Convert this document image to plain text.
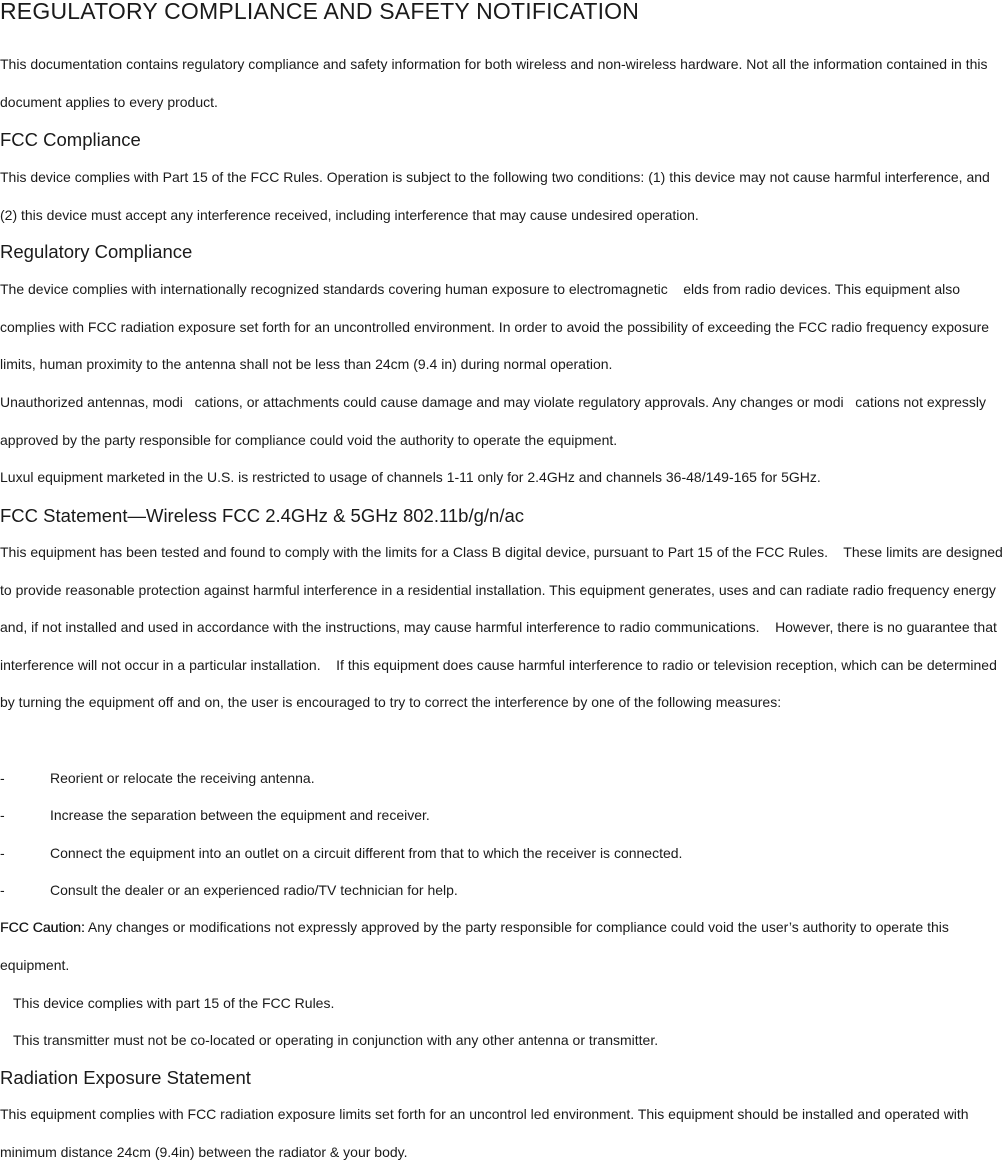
REGULATORY COMPLIANCE AND SAFETY NOTIFICATION

This documentation contains regulatory compliance and safety information for both wireless and non-wireless hardware. Not all the information contained in this document applies to every product.

FCC Compliance

This device complies with Part 15 of the FCC Rules. Operation is subject to the following two conditions: (1) this device may not cause harmful interference, and (2) this device must accept any interference received, including interference that may cause undesired operation.

Regulatory Compliance

The device complies with internationally recognized standards covering human exposure to electromagnetic    elds from radio devices. This equipment also complies with FCC radiation exposure set forth for an uncontrolled environment. In order to avoid the possibility of exceeding the FCC radio frequency exposure limits, human proximity to the antenna shall not be less than 24cm (9.4 in) during normal operation.

Unauthorized antennas, modi   cations, or attachments could cause damage and may violate regulatory approvals. Any changes or modi   cations not expressly approved by the party responsible for compliance could void the authority to operate the equipment.

Luxul equipment marketed in the U.S. is restricted to usage of channels 1-11 only for 2.4GHz and channels 36-48/149-165 for 5GHz.

FCC Statement—Wireless FCC 2.4GHz & 5GHz 802.11b/g/n/ac

This equipment has been tested and found to comply with the limits for a Class B digital device, pursuant to Part 15 of the FCC Rules.    These limits are designed to provide reasonable protection against harmful interference in a residential installation. This equipment generates, uses and can radiate radio frequency energy and, if not installed and used in accordance with the instructions, may cause harmful interference to radio communications.    However, there is no guarantee that interference will not occur in a particular installation.    If this equipment does cause harmful interference to radio or television reception, which can be determined by turning the equipment off and on, the user is encouraged to try to correct the interference by one of the following measures:

-	Reorient or relocate the receiving antenna.
-	Increase the separation between the equipment and receiver.
-	Connect the equipment into an outlet on a circuit different from that to which the receiver is connected.
-	Consult the dealer or an experienced radio/TV technician for help.

FCC Caution: Any changes or modifications not expressly approved by the party responsible for compliance could void the user’s authority to operate this equipment.

This device complies with part 15 of the FCC Rules.
This transmitter must not be co-located or operating in conjunction with any other antenna or transmitter.
Radiation Exposure Statement

This equipment complies with FCC radiation exposure limits set forth for an uncontrol led environment. This equipment should be installed and operated with minimum distance 24cm (9.4in) between the radiator & your body.
